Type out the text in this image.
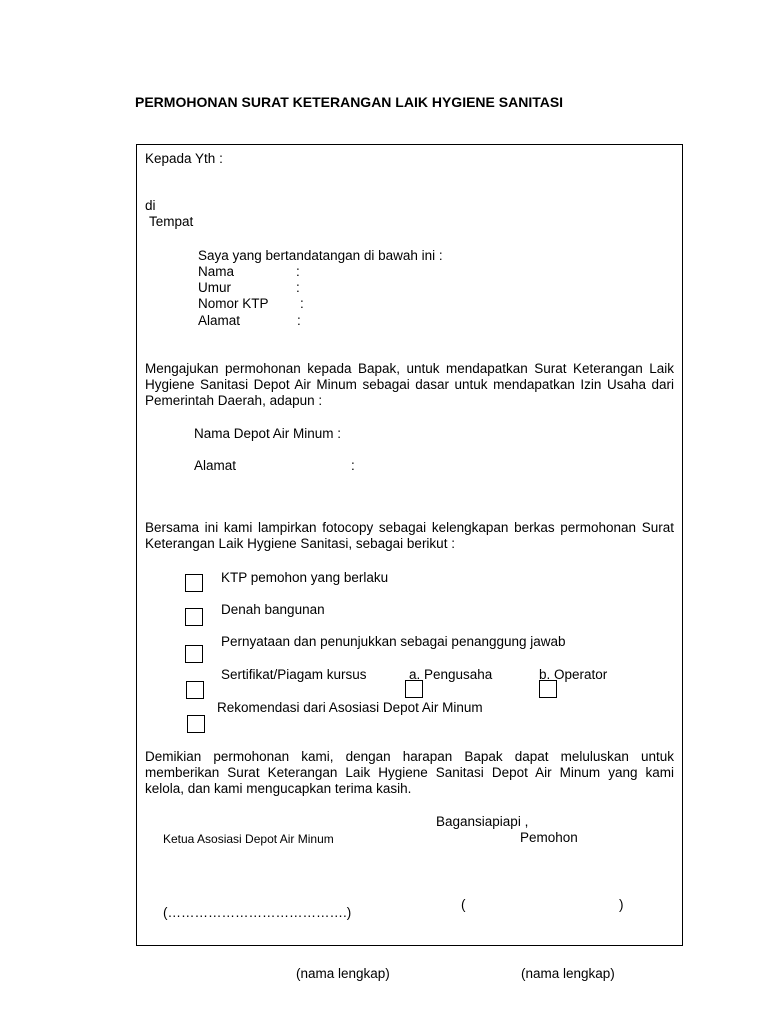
PERMOHONAN SURAT KETERANGAN LAIK HYGIENE SANITASI
Kepada Yth :
di
Tempat
Saya yang bertandatangan di bawah ini :
Nama	:
Umur	:
Nomor KTP :
Alamat	:
Mengajukan permohonan kepada Bapak, untuk mendapatkan Surat Keterangan Laik Hygiene Sanitasi Depot Air Minum sebagai dasar untuk mendapatkan Izin Usaha dari Pemerintah Daerah, adapun :
Nama Depot Air Minum :
Alamat	:
Bersama ini kami lampirkan fotocopy sebagai kelengkapan berkas permohonan Surat Keterangan Laik Hygiene Sanitasi, sebagai berikut :
KTP pemohon yang berlaku
Denah bangunan
Pernyataan dan penunjukkan sebagai penanggung jawab
Sertifikat/Piagam kursus	a. Pengusaha	b. Operator
Rekomendasi dari Asosiasi Depot Air Minum
Demikian permohonan kami, dengan harapan Bapak dapat meluluskan untuk memberikan Surat Keterangan Laik Hygiene Sanitasi Depot Air Minum yang kami kelola, dan kami mengucapkan terima kasih.
Bagansiapiapi ,
Ketua Asosiasi Depot Air Minum	Pemohon
(………………………………….)
(	)
(nama lengkap)	(nama lengkap)
